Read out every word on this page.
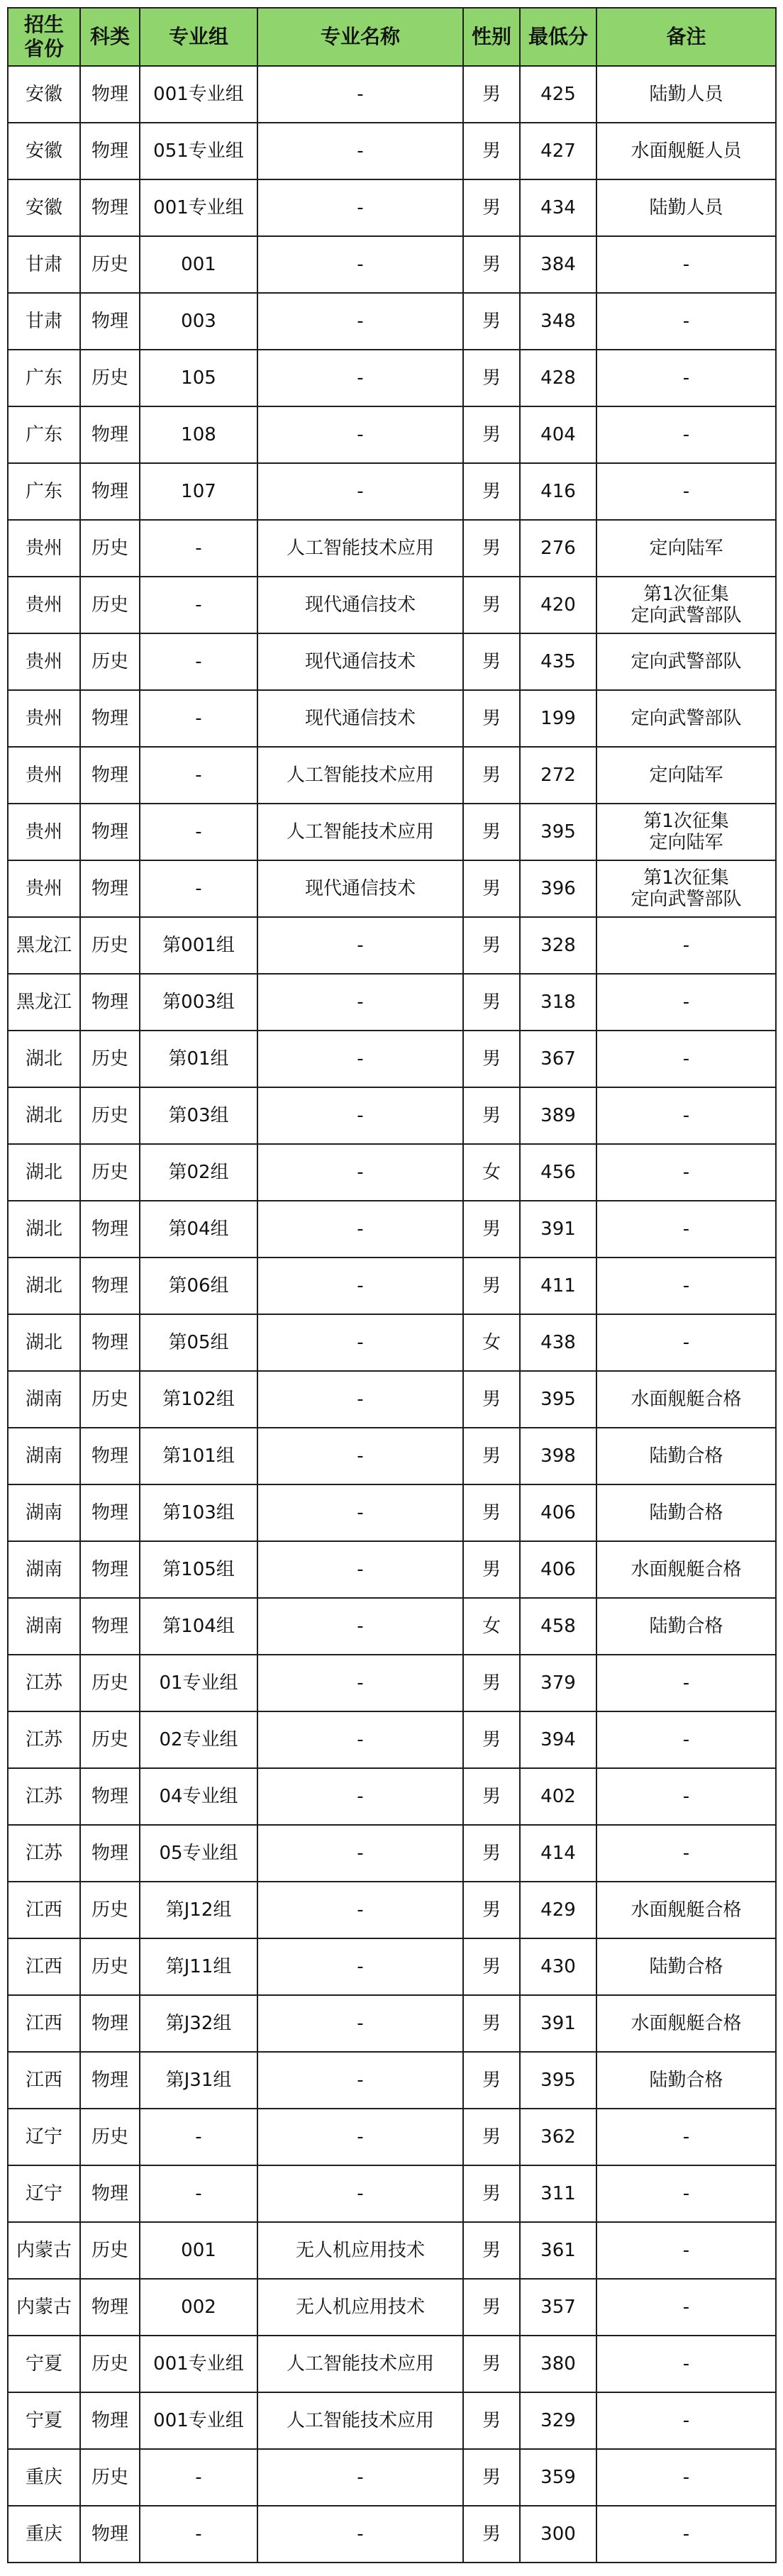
招生
省份	科类	专业组	专业名称	性别	最低分	备注
安徽	物理	001专业组	-	男	425	陆勤人员
安徽	物理	051专业组	-	男	427	水面舰艇人员
安徽	物理	001专业组	-	男	434	陆勤人员
甘肃	历史	001	-	男	384	-
甘肃	物理	003	-	男	348	-
广东	历史	105	-	男	428	-
广东	物理	108	-	男	404	-
广东	物理	107	-	男	416	-
贵州	历史	-	人工智能技术应用	男	276	定向陆军
贵州	历史	-	现代通信技术	男	420	第1次征集
定向武警部队
贵州	历史	-	现代通信技术	男	435	定向武警部队
贵州	物理	-	现代通信技术	男	199	定向武警部队
贵州	物理	-	人工智能技术应用	男	272	定向陆军
贵州	物理	-	人工智能技术应用	男	395	第1次征集
定向陆军
贵州	物理	-	现代通信技术	男	396	第1次征集
定向武警部队
黑龙江	历史	第001组	-	男	328	-
黑龙江	物理	第003组	-	男	318	-
湖北	历史	第01组	-	男	367	-
湖北	历史	第03组	-	男	389	-
湖北	历史	第02组	-	女	456	-
湖北	物理	第04组	-	男	391	-
湖北	物理	第06组	-	男	411	-
湖北	物理	第05组	-	女	438	-
湖南	历史	第102组	-	男	395	水面舰艇合格
湖南	物理	第101组	-	男	398	陆勤合格
湖南	物理	第103组	-	男	406	陆勤合格
湖南	物理	第105组	-	男	406	水面舰艇合格
湖南	物理	第104组	-	女	458	陆勤合格
江苏	历史	01专业组	-	男	379	-
江苏	历史	02专业组	-	男	394	-
江苏	物理	04专业组	-	男	402	-
江苏	物理	05专业组	-	男	414	-
江西	历史	第J12组	-	男	429	水面舰艇合格
江西	历史	第J11组	-	男	430	陆勤合格
江西	物理	第J32组	-	男	391	水面舰艇合格
江西	物理	第J31组	-	男	395	陆勤合格
辽宁	历史	-	-	男	362	-
辽宁	物理	-	-	男	311	-
内蒙古	历史	001	无人机应用技术	男	361	-
内蒙古	物理	002	无人机应用技术	男	357	-
宁夏	历史	001专业组	人工智能技术应用	男	380	-
宁夏	物理	001专业组	人工智能技术应用	男	329	-
重庆	历史	-	-	男	359	-
重庆	物理	-	-	男	300	-
